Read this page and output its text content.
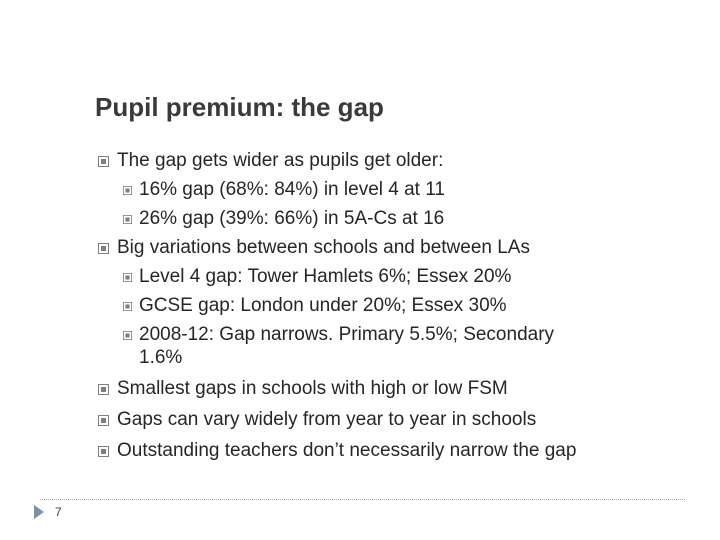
Pupil premium: the gap
The gap gets wider as pupils get older:
16% gap (68%: 84%) in level 4 at 11
26% gap (39%: 66%) in 5A-Cs at 16
Big variations between schools and between LAs
Level 4 gap: Tower Hamlets 6%; Essex 20%
GCSE gap: London under 20%; Essex 30%
2008-12: Gap narrows. Primary 5.5%; Secondary
1.6%
Smallest gaps in schools with high or low FSM
Gaps can vary widely from year to year in schools
Outstanding teachers don’t necessarily narrow the gap
7
